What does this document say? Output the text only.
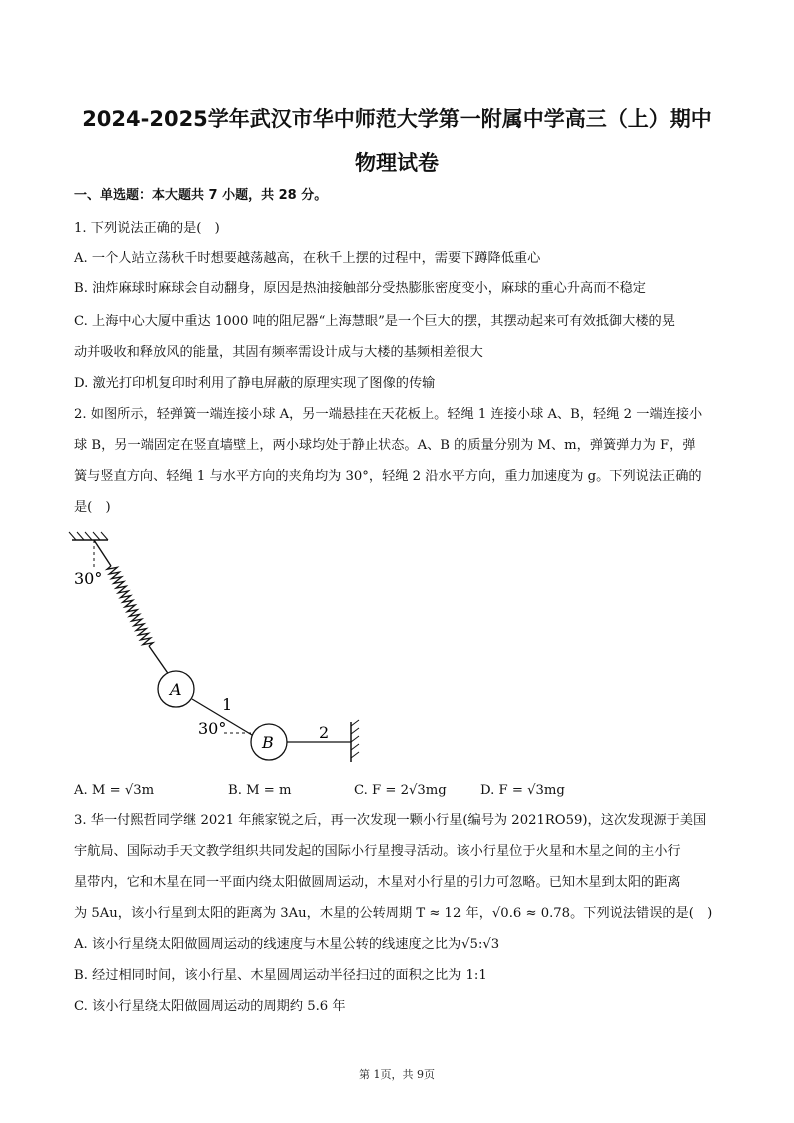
2024-2025学年武汉市华中师范大学第一附属中学高三（上）期中
物理试卷
一、单选题：本大题共 7 小题，共 28 分。
1. 下列说法正确的是(　)
A. 一个人站立荡秋千时想要越荡越高，在秋千上摆的过程中，需要下蹲降低重心
B. 油炸麻球时麻球会自动翻身，原因是热油接触部分受热膨胀密度变小，麻球的重心升高而不稳定
C. 上海中心大厦中重达 1000 吨的阻尼器“上海慧眼”是一个巨大的摆，其摆动起来可有效抵御大楼的晃
动并吸收和释放风的能量，其固有频率需设计成与大楼的基频相差很大
D. 激光打印机复印时利用了静电屏蔽的原理实现了图像的传输
2. 如图所示，轻弹簧一端连接小球 A，另一端悬挂在天花板上。轻绳 1 连接小球 A、B，轻绳 2 一端连接小
球 B，另一端固定在竖直墙壁上，两小球均处于静止状态。A、B 的质量分别为 M、m，弹簧弹力为 F，弹
簧与竖直方向、轻绳 1 与水平方向的夹角均为 30°，轻绳 2 沿水平方向，重力加速度为 g。下列说法正确的
是(　)
30°
A
1
30°
B
2
A. M = √3m	B. M = m	C. F = 2√3mg	D. F = √3mg
3. 华一付熙哲同学继 2021 年熊家锐之后，再一次发现一颗小行星(编号为 2021RO59)，这次发现源于美国
宇航局、国际动手天文教学组织共同发起的国际小行星搜寻活动。该小行星位于火星和木星之间的主小行
星带内，它和木星在同一平面内绕太阳做圆周运动，木星对小行星的引力可忽略。已知木星到太阳的距离
为 5Au，该小行星到太阳的距离为 3Au，木星的公转周期 T ≈ 12 年，√0.6 ≈ 0.78。下列说法错误的是(　)
A. 该小行星绕太阳做圆周运动的线速度与木星公转的线速度之比为√5:√3
B. 经过相同时间，该小行星、木星圆周运动半径扫过的面积之比为 1:1
C. 该小行星绕太阳做圆周运动的周期约 5.6 年
第 1页，共 9页
